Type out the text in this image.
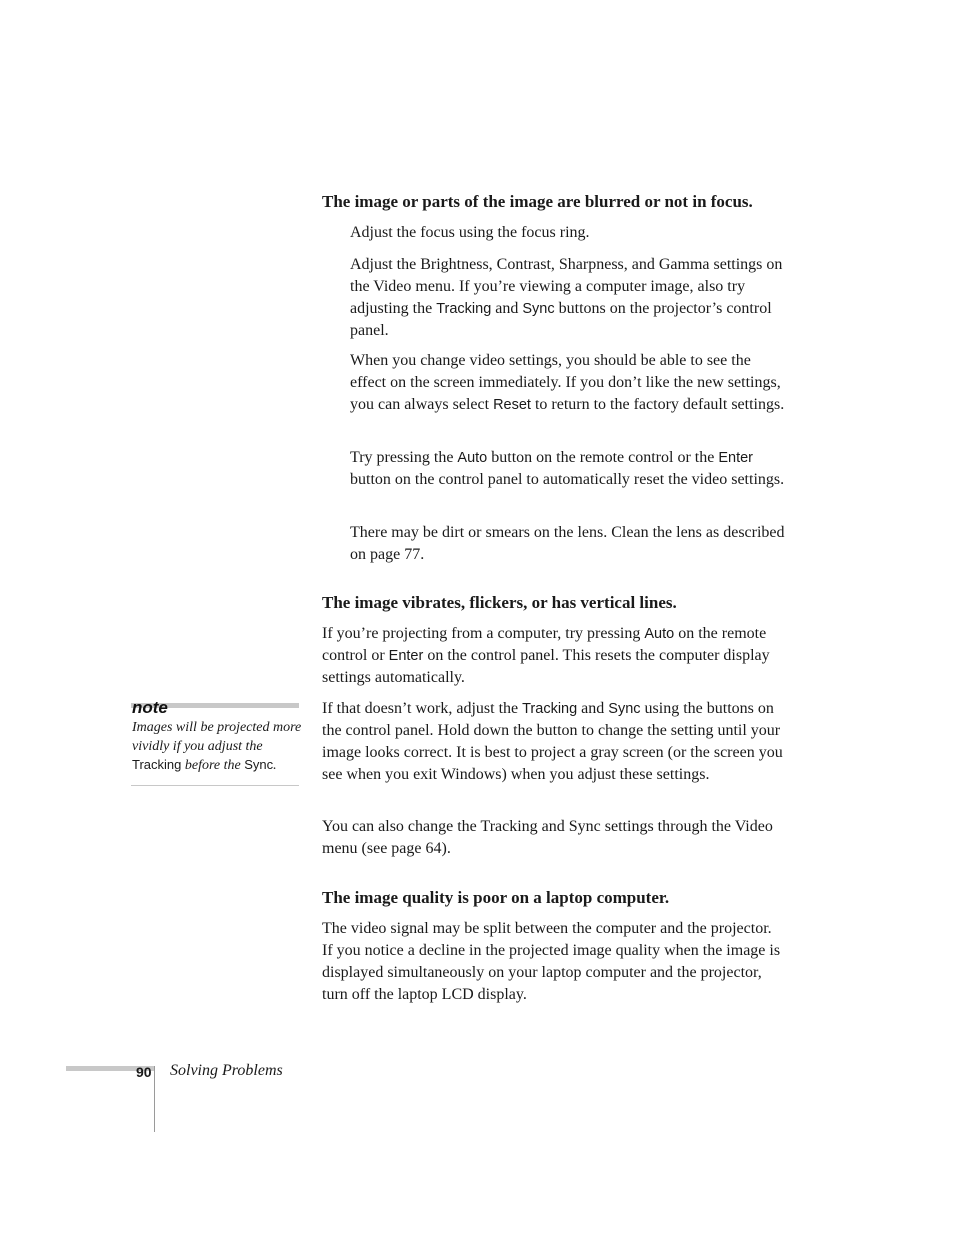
The image or parts of the image are blurred or not in focus.

Adjust the focus using the focus ring.

Adjust the Brightness, Contrast, Sharpness, and Gamma settings on the Video menu. If you’re viewing a computer image, also try adjusting the Tracking and Sync buttons on the projector’s control panel.

When you change video settings, you should be able to see the effect on the screen immediately. If you don’t like the new settings, you can always select Reset to return to the factory default settings.

Try pressing the Auto button on the remote control or the Enter button on the control panel to automatically reset the video settings.

There may be dirt or smears on the lens. Clean the lens as described on page 77.

The image vibrates, flickers, or has vertical lines.

If you’re projecting from a computer, try pressing Auto on the remote control or Enter on the control panel. This resets the computer display settings automatically.

If that doesn’t work, adjust the Tracking and Sync using the buttons on the control panel. Hold down the button to change the setting until your image looks correct. It is best to project a gray screen (or the screen you see when you exit Windows) when you adjust these settings.

You can also change the Tracking and Sync settings through the Video menu (see page 64).

The image quality is poor on a laptop computer.

The video signal may be split between the computer and the projector. If you notice a decline in the projected image quality when the image is displayed simultaneously on your laptop computer and the projector, turn off the laptop LCD display.

note

Images will be projected more vividly if you adjust the Tracking before the Sync.

90 Solving Problems
